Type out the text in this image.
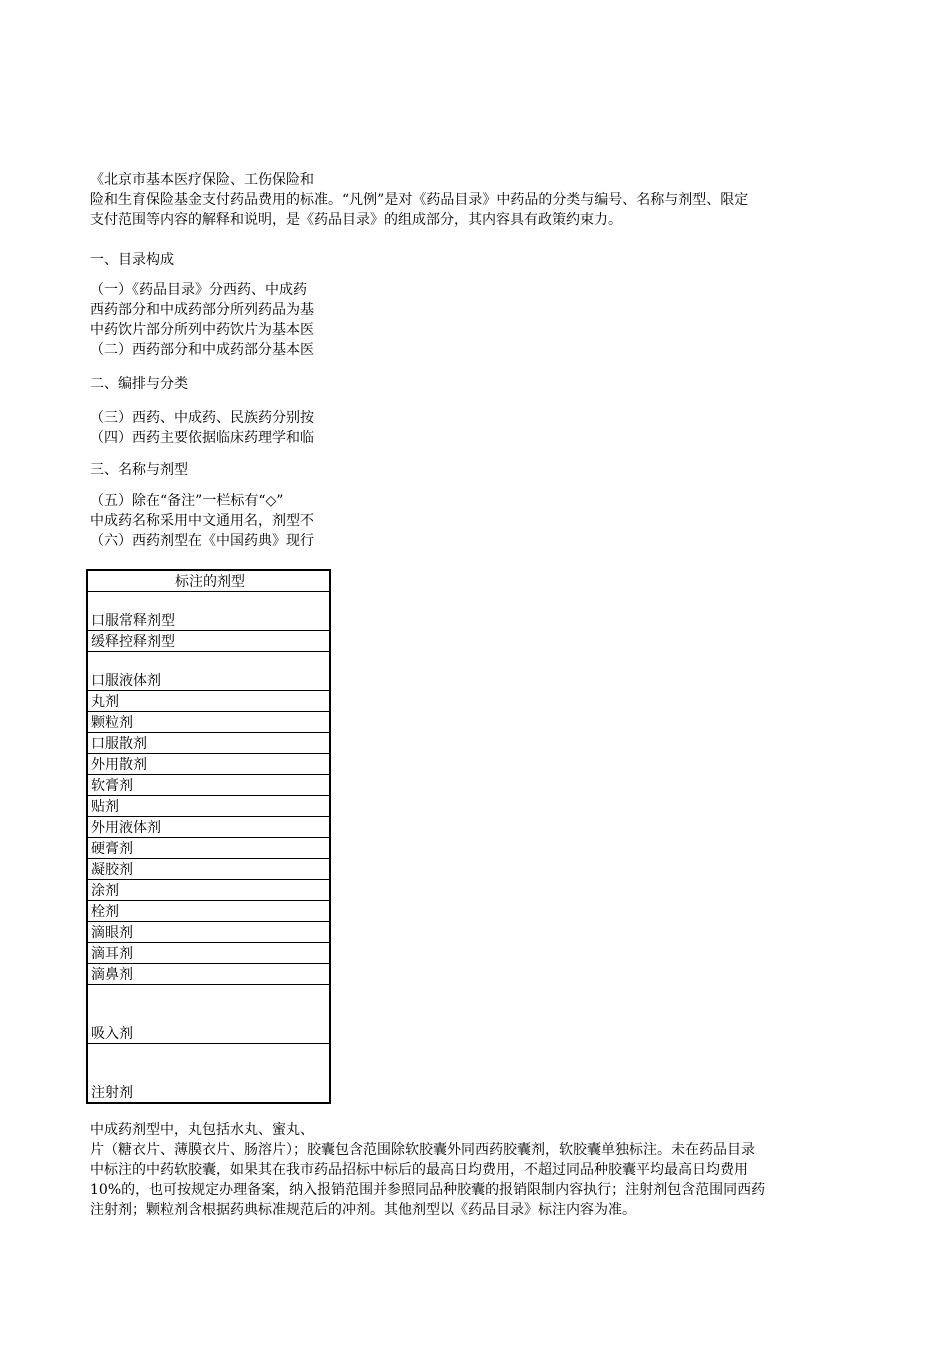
《北京市基本医疗保险、工伤保险和
险和生育保险基金支付药品费用的标准。“凡例”是对《药品目录》中药品的分类与编号、名称与剂型、限定
支付范围等内容的解释和说明，是《药品目录》的组成部分，其内容具有政策约束力。
一、目录构成
（一）《药品目录》分西药、中成药
西药部分和中成药部分所列药品为基
中药饮片部分所列中药饮片为基本医
（二）西药部分和中成药部分基本医
二、编排与分类
（三）西药、中成药、民族药分别按
（四）西药主要依据临床药理学和临
三、名称与剂型
（五）除在“备注”一栏标有“◇”
中成药名称采用中文通用名，剂型不
（六）西药剂型在《中国药典》现行
标注的剂型
口服常释剂型
缓释控释剂型
口服液体剂
丸剂
颗粒剂
口服散剂
外用散剂
软膏剂
贴剂
外用液体剂
硬膏剂
凝胶剂
涂剂
栓剂
滴眼剂
滴耳剂
滴鼻剂
吸入剂
注射剂
中成药剂型中，丸包括水丸、蜜丸、
片（糖衣片、薄膜衣片、肠溶片）；胶囊包含范围除软胶囊外同西药胶囊剂，软胶囊单独标注。未在药品目录
中标注的中药软胶囊，如果其在我市药品招标中标后的最高日均费用，不超过同品种胶囊平均最高日均费用
10%的，也可按规定办理备案，纳入报销范围并参照同品种胶囊的报销限制内容执行；注射剂包含范围同西药
注射剂；颗粒剂含根据药典标准规范后的冲剂。其他剂型以《药品目录》标注内容为准。
